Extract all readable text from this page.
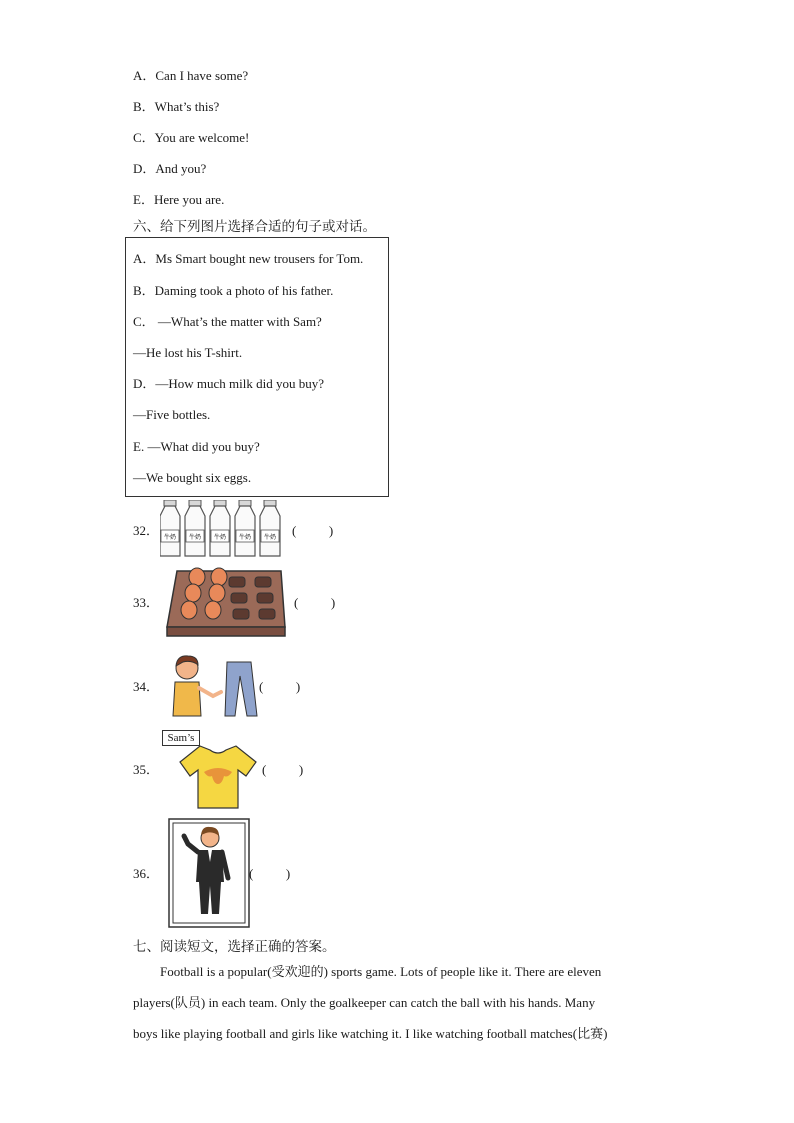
A．Can I have some?
B．What’s this?
C．You are welcome!
D．And you?
E．Here you are.
六、给下列图片选择合适的句子或对话。
A．Ms Smart bought new trousers for Tom.
B．Daming took a photo of his father.
C． —What’s the matter with Sam?
—He lost his T-shirt.
D．—How much milk did you buy?
—Five bottles.
E. —What did you buy?
—We bought six eggs.
32． 牛奶 牛奶 牛奶 牛奶 牛奶 (          )
33．	(          )
34．	(          )
Sam’s
35．	(          )
36．	(          )
七、阅读短文，选择正确的答案。
Football is a popular(受欢迎的) sports game. Lots of people like it. There are eleven
players(队员) in each team. Only the goalkeeper can catch the ball with his hands. Many
boys like playing football and girls like watching it. I like watching football matches(比赛)
